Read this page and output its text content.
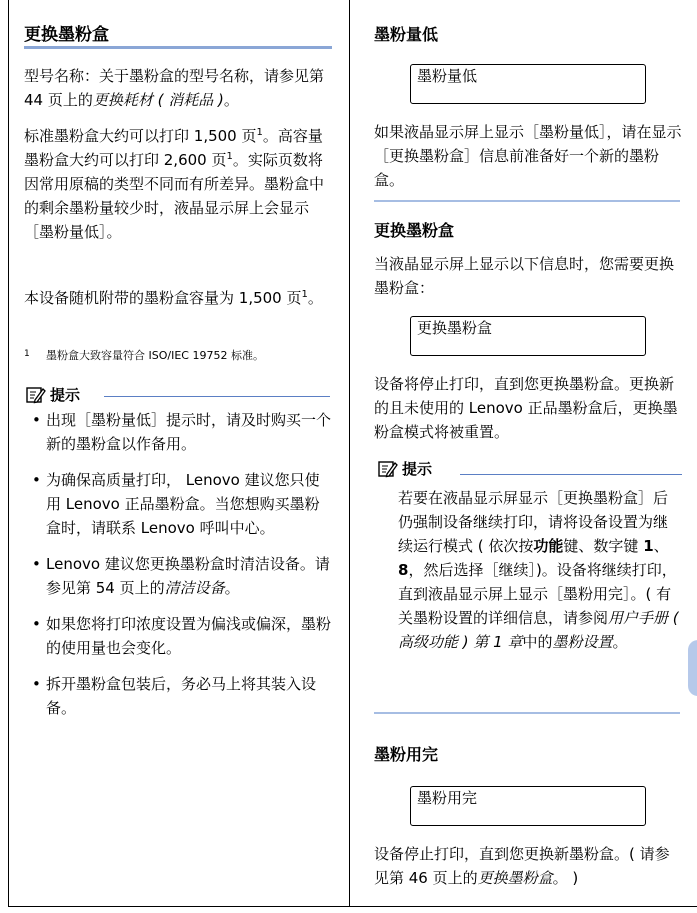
更换墨粉盒

型号名称：关于墨粉盒的型号名称，请参见第 44 页上的更换耗材 ( 消耗品 )。

标准墨粉盒大约可以打印 1,500 页$^1$。高容量墨粉盒大约可以打印 2,600 页$^1$。实际页数将因常用原稿的类型不同而有所差异。墨粉盒中的剩余墨粉量较少时，液晶显示屏上会显示［墨粉量低］。

本设备随机附带的墨粉盒容量为 1,500 页$^1$。

1 墨粉盒大致容量符合 ISO/IEC 19752 标准。
提示
• 出现［墨粉量低］提示时，请及时购买一个新的墨粉盒以作备用。
• 为确保高质量打印， Lenovo 建议您只使用 Lenovo 正品墨粉盒。当您想购买墨粉盒时，请联系 Lenovo 呼叫中心。
• Lenovo 建议您更换墨粉盒时清洁设备。请参见第 54 页上的清洁设备。
• 如果您将打印浓度设置为偏浅或偏深，墨粉的使用量也会变化。
• 拆开墨粉盒包装后，务必马上将其装入设备。
墨粉量低
墨粉量低

如果液晶显示屏上显示［墨粉量低］，请在显示［更换墨粉盒］信息前准备好一个新的墨粉盒。

更换墨粉盒

当液晶显示屏上显示以下信息时，您需要更换墨粉盒：

更换墨粉盒

设备将停止打印，直到您更换墨粉盒。更换新的且未使用的 Lenovo 正品墨粉盒后，更换墨粉盒模式将被重置。

提示

若要在液晶显示屏显示［更换墨粉盒］后仍强制设备继续打印，请将设备设置为继续运行模式 ( 依次按功能键、数字键 1、8，然后选择［继续］)。设备将继续打印，直到液晶显示屏上显示［墨粉用完］。( 有关墨粉设置的详细信息，请参阅用户手册 ( 高级功能 ) 第 1 章中的墨粉设置。

墨粉用完
墨粉用完

设备停止打印，直到您更换新墨粉盒。( 请参见第 46 页上的更换墨粉盒。 )
